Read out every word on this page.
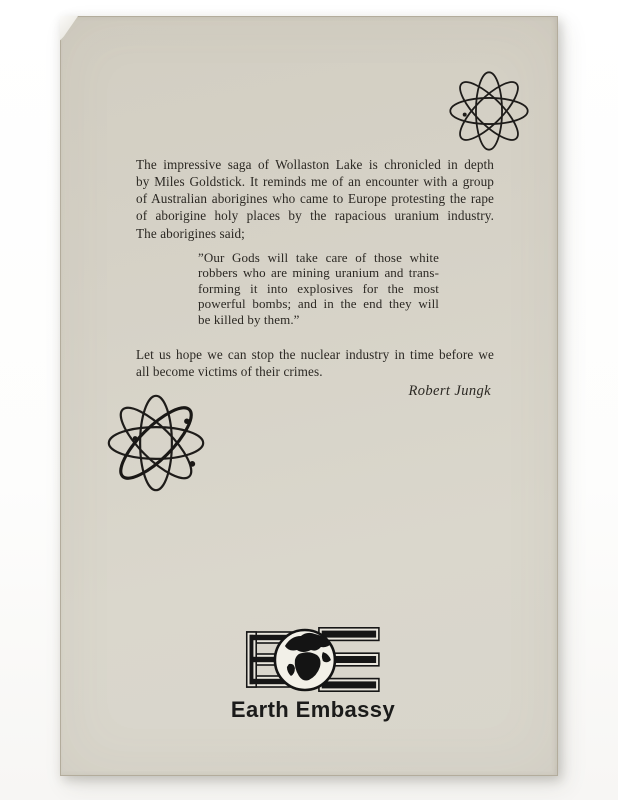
The impressive saga of Wollaston Lake is chronicled in depth
by Miles Goldstick. It reminds me of an encounter with a group
of Australian aborigines who came to Europe protesting the rape
of aborigine holy places by the rapacious uranium industry.
The aborigines said;
”Our Gods will take care of those white
robbers who are mining uranium and trans-
forming it into explosives for the most
powerful bombs; and in the end they will
be killed by them.”
Let us hope we can stop the nuclear industry in time before we
all become victims of their crimes.
Robert Jungk
Earth Embassy
